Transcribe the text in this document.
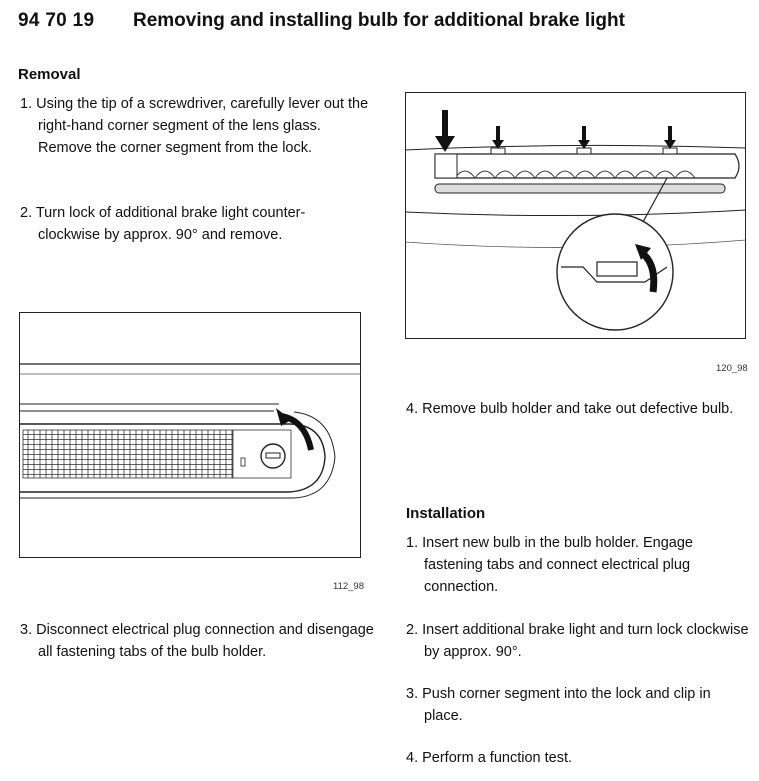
94 70 19 Removing and installing bulb for additional brake light
Removal
1. Using the tip of a screwdriver, carefully lever out the right-hand corner segment of the lens glass. Remove the corner segment from the lock.
2. Turn lock of additional brake light counter-clockwise by approx. 90° and remove.
112_98
3. Disconnect electrical plug connection and disengage all fastening tabs of the bulb holder.
120_98
4. Remove bulb holder and take out defective bulb.
Installation
1. Insert new bulb in the bulb holder. Engage fastening tabs and connect electrical plug connection.
2. Insert additional brake light and turn lock clockwise by approx. 90°.
3. Push corner segment into the lock and clip in place.
4. Perform a function test.
